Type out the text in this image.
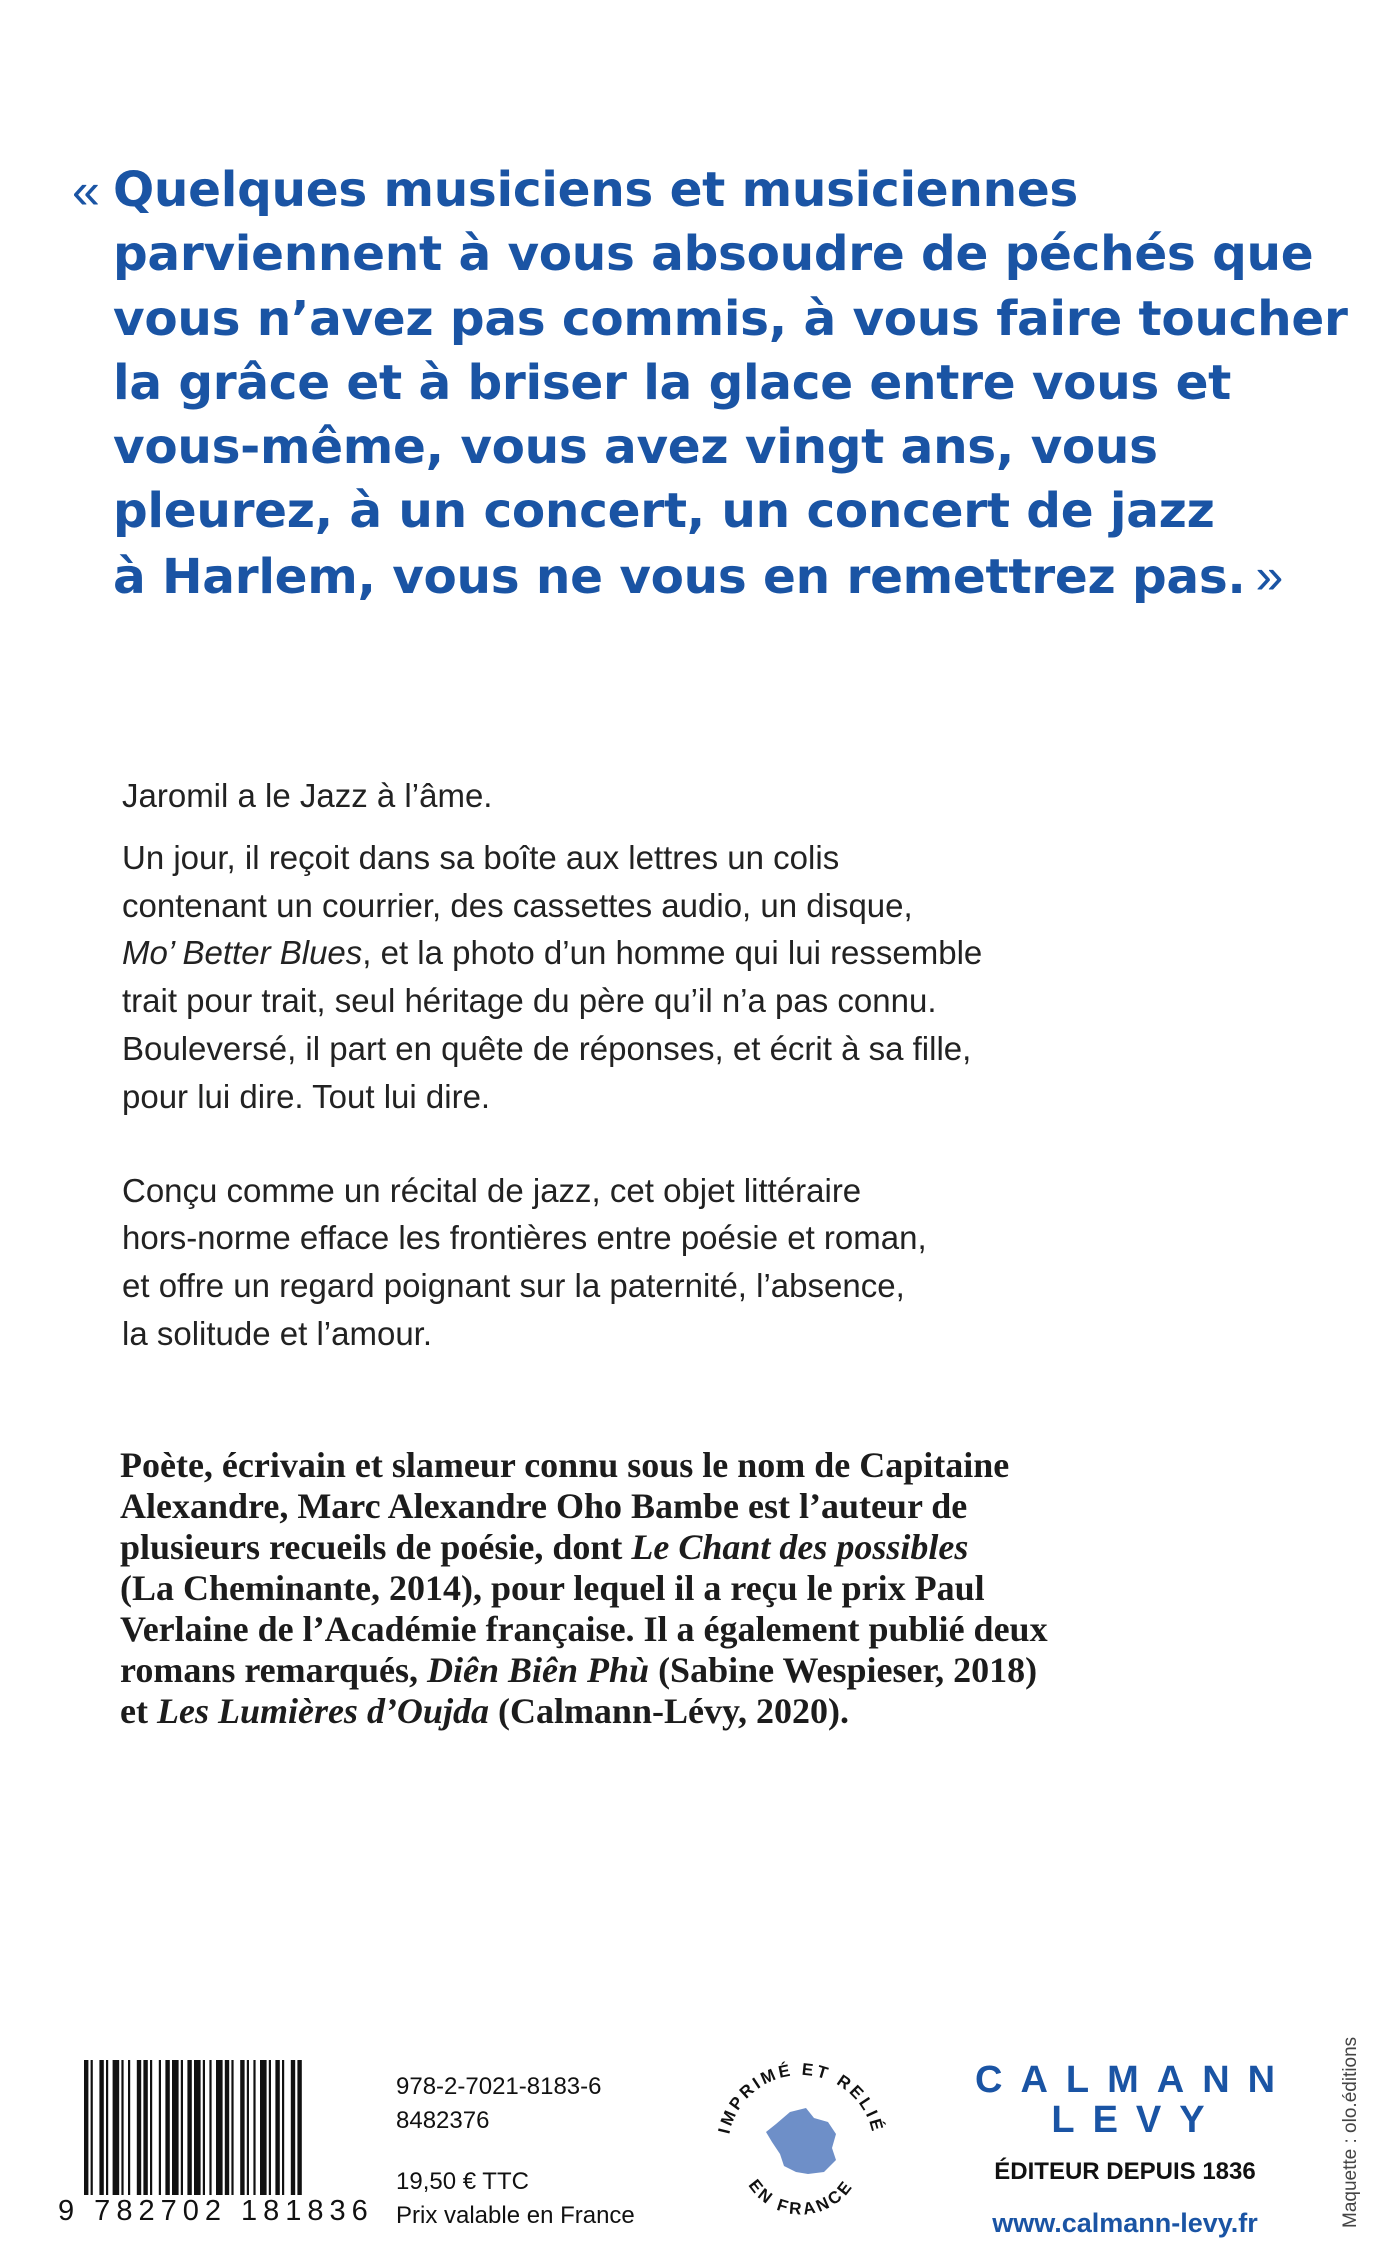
« Quelques musiciens et musiciennes
parviennent à vous absoudre de péchés que
vous n’avez pas commis, à vous faire toucher
la grâce et à briser la glace entre vous et
vous-même, vous avez vingt ans, vous
pleurez, à un concert, un concert de jazz
à Harlem, vous ne vous en remettrez pas. »
Jaromil a le Jazz à l’âme.
Un jour, il reçoit dans sa boîte aux lettres un colis
contenant un courrier, des cassettes audio, un disque,
Mo’ Better Blues, et la photo d’un homme qui lui ressemble
trait pour trait, seul héritage du père qu’il n’a pas connu.
Bouleversé, il part en quête de réponses, et écrit à sa fille,
pour lui dire. Tout lui dire.
Conçu comme un récital de jazz, cet objet littéraire
hors-norme efface les frontières entre poésie et roman,
et offre un regard poignant sur la paternité, l’absence,
la solitude et l’amour.
Poète, écrivain et slameur connu sous le nom de Capitaine
Alexandre, Marc Alexandre Oho Bambe est l’auteur de
plusieurs recueils de poésie, dont Le Chant des possibles
(La Cheminante, 2014), pour lequel il a reçu le prix Paul
Verlaine de l’Académie française. Il a également publié deux
romans remarqués, Diên Biên Phù (Sabine Wespieser, 2018)
et Les Lumières d’Oujda (Calmann-Lévy, 2020).
9 782702 181836
978-2-7021-8183-6
8482376
19,50 € TTC
Prix valable en France
IMPRIMÉ ET RELIÉ
EN FRANCE
CALMANN
LEVY
ÉDITEUR DEPUIS 1836
www.calmann-levy.fr	Maquette : olo.éditions
